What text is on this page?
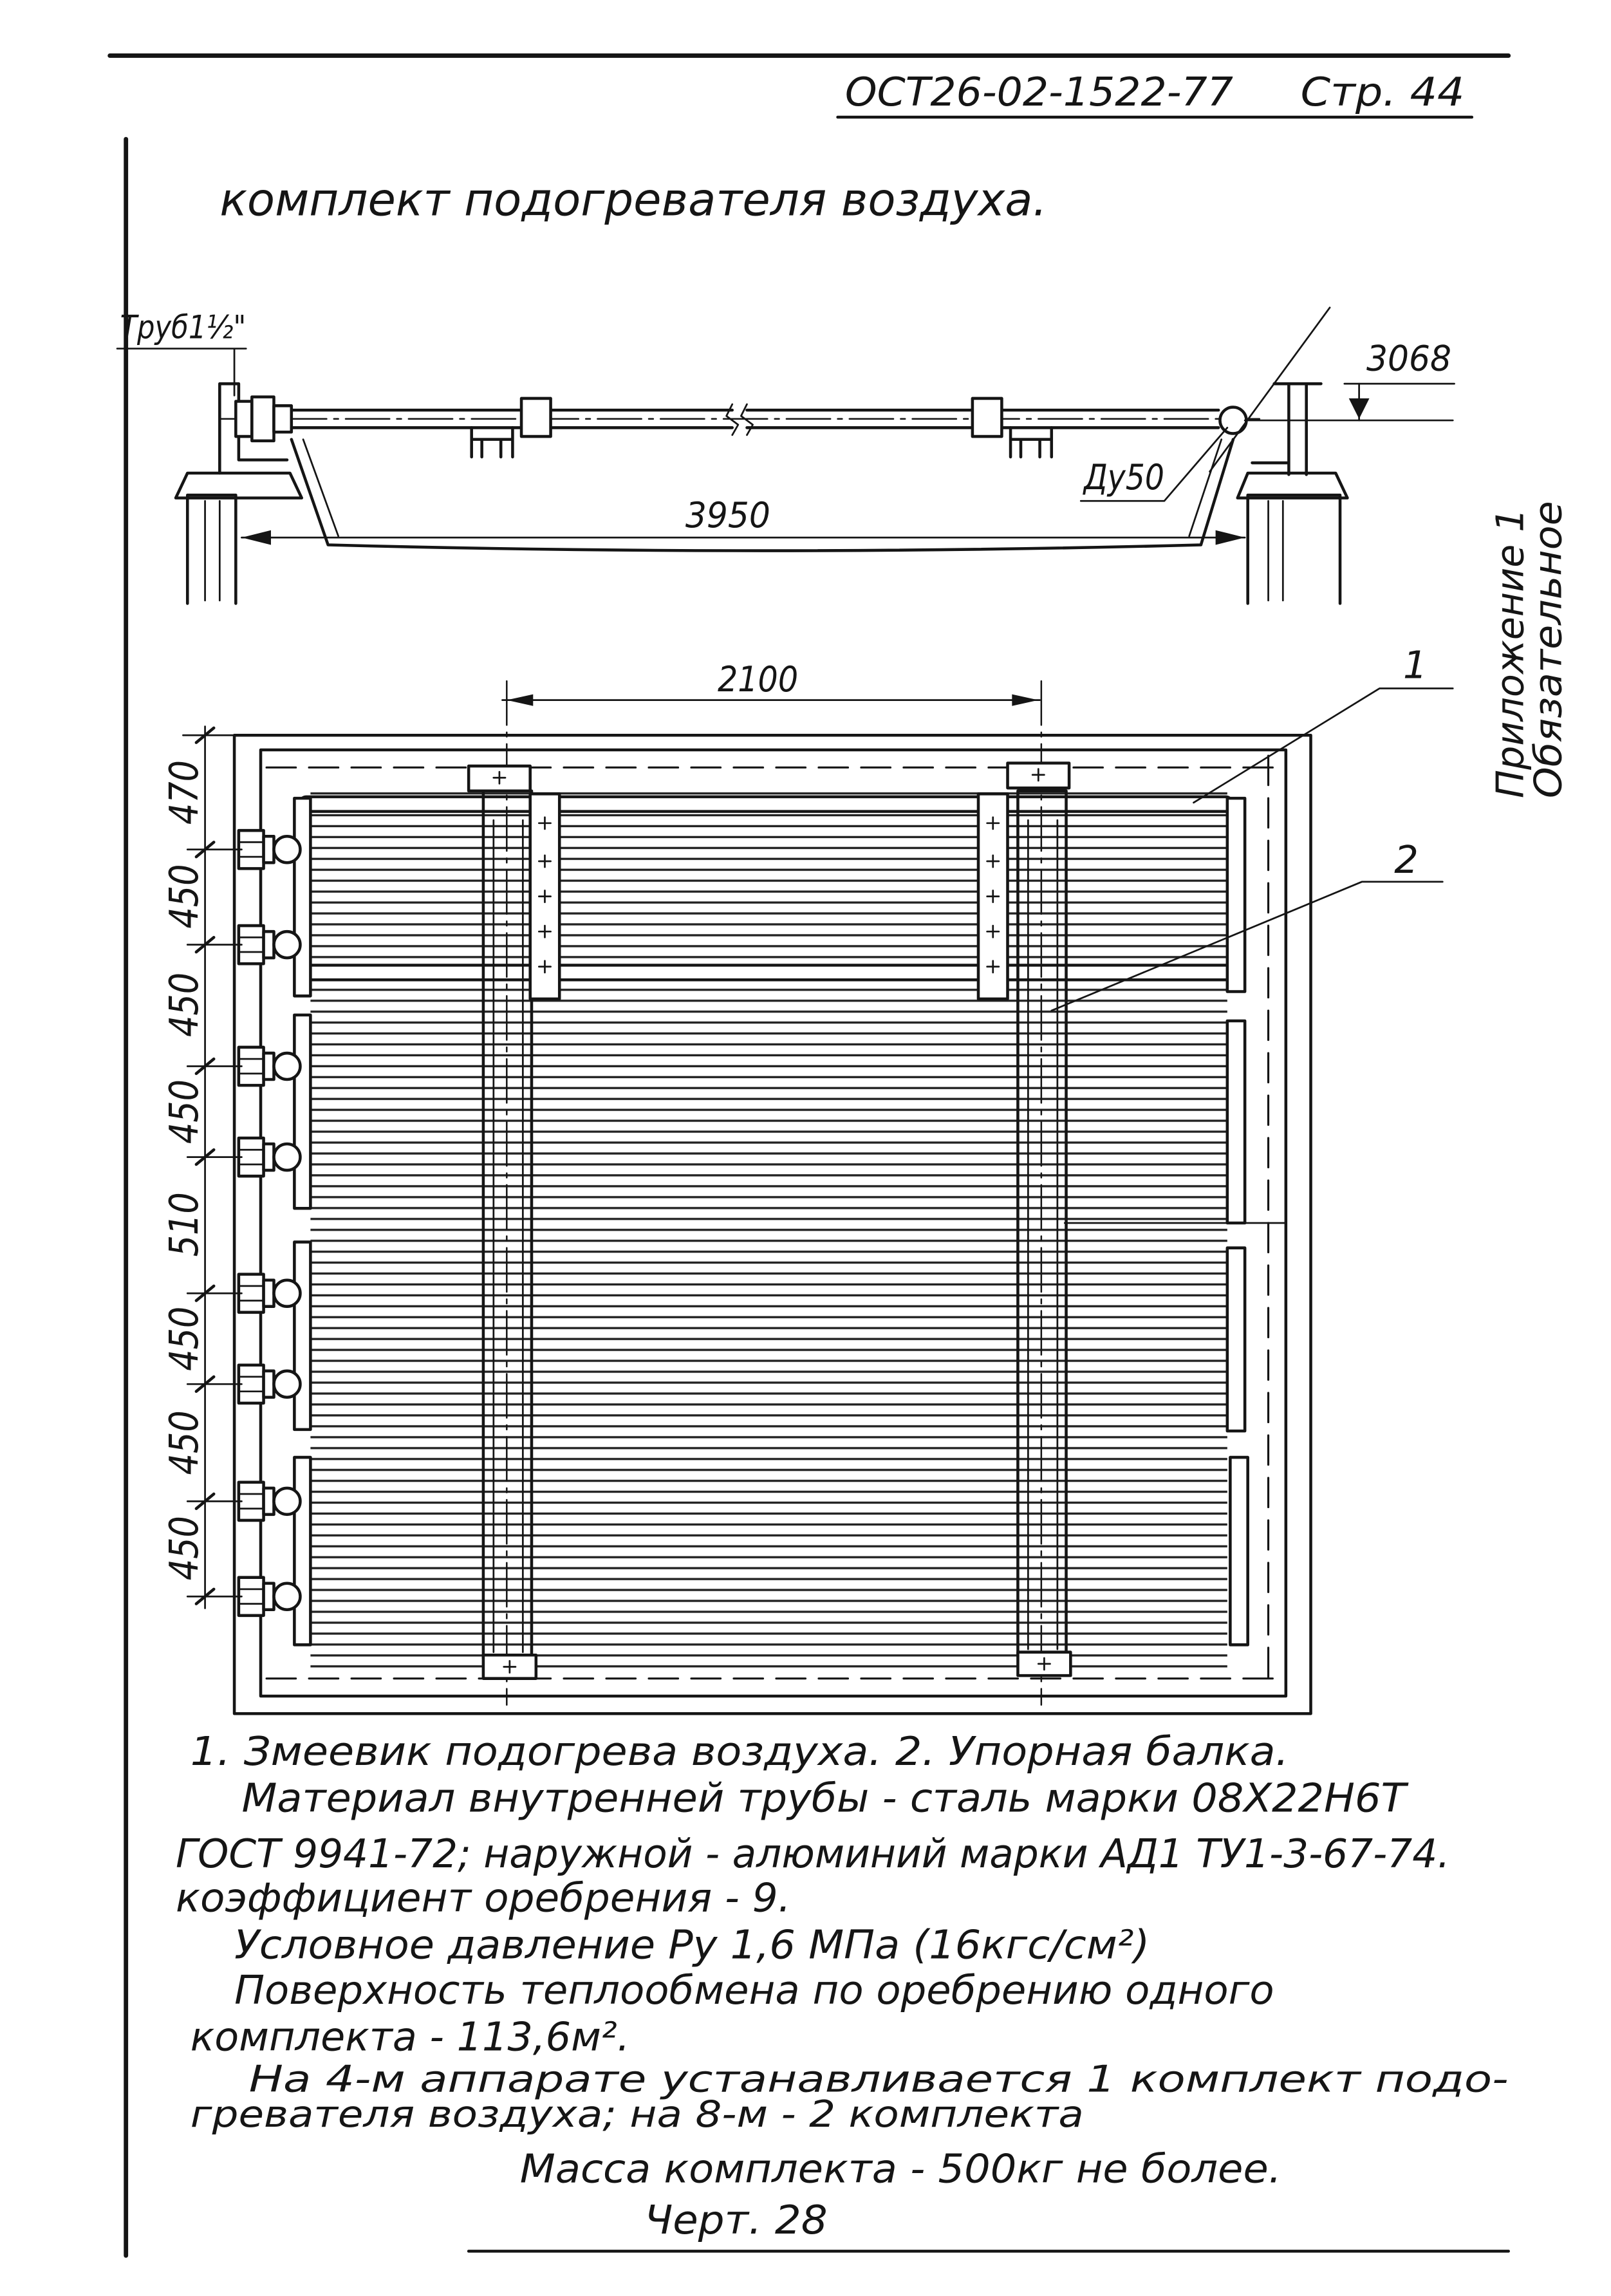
ОСТ26-02-1522-77	Стр. 44
комплект подогревателя воздуха.
Приложение 1
Обязательное
Труб1½"
3950
3068
Ду50
2100	1
2
470
450
450
450
510
450
450
450
1. Змеевик подогрева воздуха. 2. Упорная балка.
Материал внутренней трубы - сталь марки 08Х22Н6Т
ГОСТ 9941-72; наружной - алюминий марки АД1 ТУ1-3-67-74.
коэффициент оребрения - 9.
Условное давление Ру 1,6 МПа (16кгс/см²)
Поверхность теплообмена по оребрению одного
комплекта - 113,6м².
На 4-м аппарате устанавливается 1 комплект подо-
гревателя воздуха; на 8-м - 2 комплекта
Масса комплекта - 500кг не более.
Черт. 28
